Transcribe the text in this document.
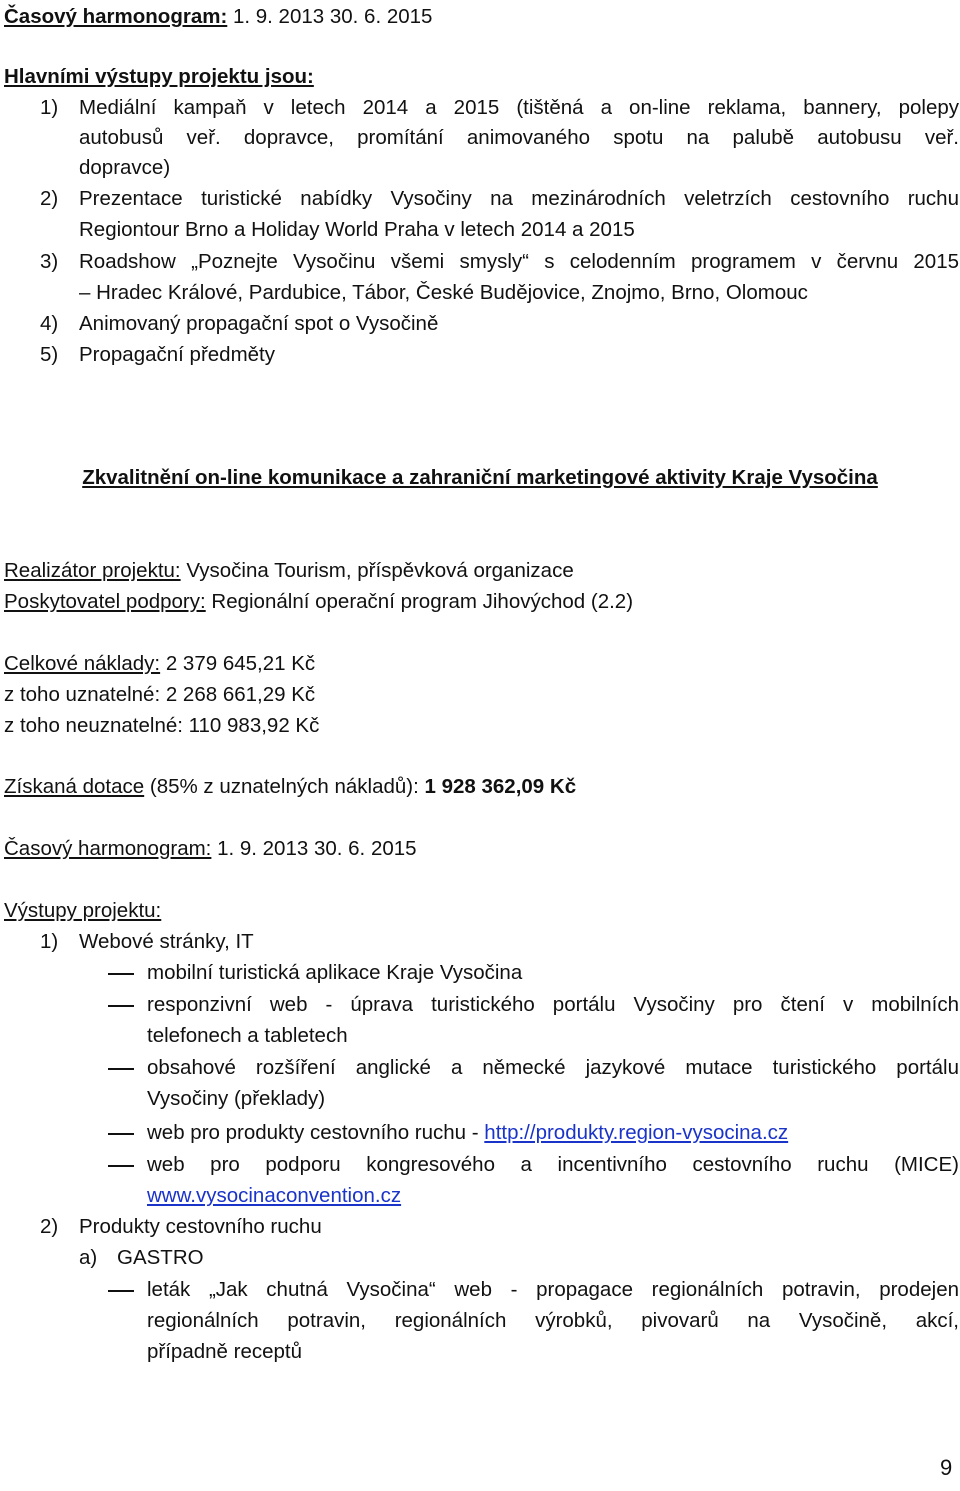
Časový harmonogram: 1. 9. 2013 30. 6. 2015
Hlavními výstupy projektu jsou:
1) Mediální kampaň v letech 2014 a 2015 (tištěná a on-line reklama, bannery, polepy
autobusů veř. dopravce, promítání animovaného spotu na palubě autobusu veř.
dopravce)
2) Prezentace turistické nabídky Vysočiny na mezinárodních veletrzích cestovního ruchu
Regiontour Brno a Holiday World Praha v letech 2014 a 2015
3) Roadshow „Poznejte Vysočinu všemi smysly“ s celodenním programem v červnu 2015
– Hradec Králové, Pardubice, Tábor, České Budějovice, Znojmo, Brno, Olomouc
4) Animovaný propagační spot o Vysočině
5) Propagační předměty
Zkvalitnění on-line komunikace a zahraniční marketingové aktivity Kraje Vysočina
Realizátor projektu: Vysočina Tourism, příspěvková organizace
Poskytovatel podpory: Regionální operační program Jihovýchod (2.2)
Celkové náklady: 2 379 645,21 Kč
z toho uznatelné: 2 268 661,29 Kč
z toho neuznatelné: 110 983,92 Kč
Získaná dotace (85% z uznatelných nákladů): 1 928 362,09 Kč
Časový harmonogram: 1. 9. 2013 30. 6. 2015
Výstupy projektu:
1) Webové stránky, IT
mobilní turistická aplikace Kraje Vysočina
responzivní web - úprava turistického portálu Vysočiny pro čtení v mobilních
telefonech a tabletech
obsahové rozšíření anglické a německé jazykové mutace turistického portálu
Vysočiny (překlady)
web pro produkty cestovního ruchu - http://produkty.region-vysocina.cz
web pro podporu kongresového a incentivního cestovního ruchu (MICE)
www.vysocinaconvention.cz
2) Produkty cestovního ruchu
a) GASTRO
leták „Jak chutná Vysočina“ web - propagace regionálních potravin, prodejen
regionálních potravin, regionálních výrobků, pivovarů na Vysočině, akcí,
případně receptů
9
